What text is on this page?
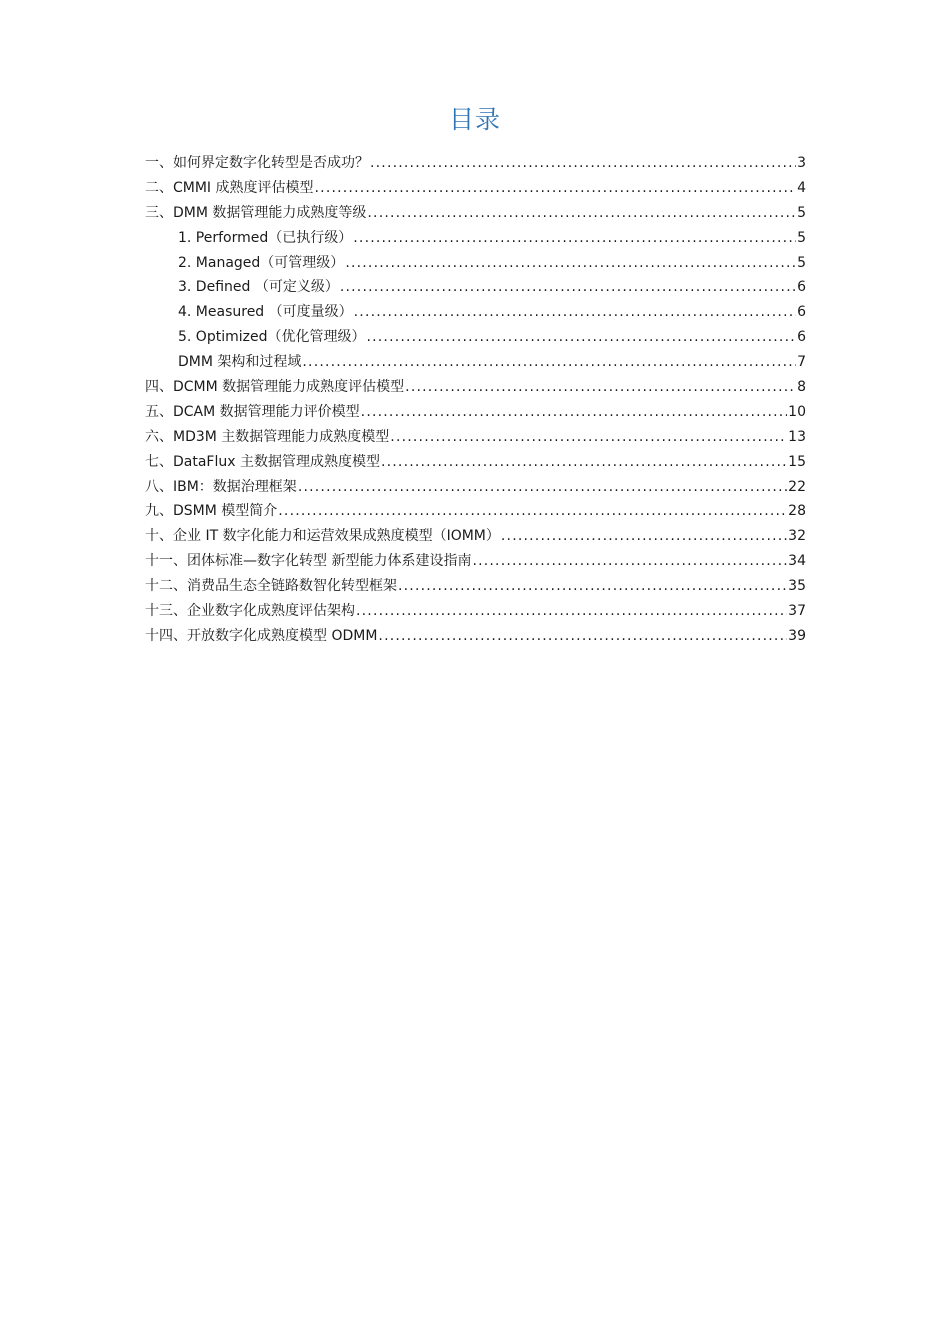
目录
一、如何界定数字化转型是否成功？ .....	3
二、CMMI 成熟度评估模型 .....	4
三、DMM 数据管理能力成熟度等级 .....	5
1. Performed（已执行级） .....	5
2. Managed（可管理级） .....	5
3. Defined （可定义级） .....	6
4. Measured （可度量级） .....	6
5. Optimized（优化管理级） .....	6
DMM 架构和过程域 .....	7
四、DCMM 数据管理能力成熟度评估模型 .....	8
五、DCAM 数据管理能力评价模型 .....	10
六、MD3M 主数据管理能力成熟度模型 .....	13
七、DataFlux 主数据管理成熟度模型 .....	15
八、IBM：数据治理框架 .....	22
九、DSMM 模型简介 .....	28
十、企业 IT 数字化能力和运营效果成熟度模型（IOMM） .....	32
十一、团体标准—数字化转型 新型能力体系建设指南 .....	34
十二、消费品生态全链路数智化转型框架 .....	35
十三、企业数字化成熟度评估架构 .....	37
十四、开放数字化成熟度模型 ODMM .....	39
